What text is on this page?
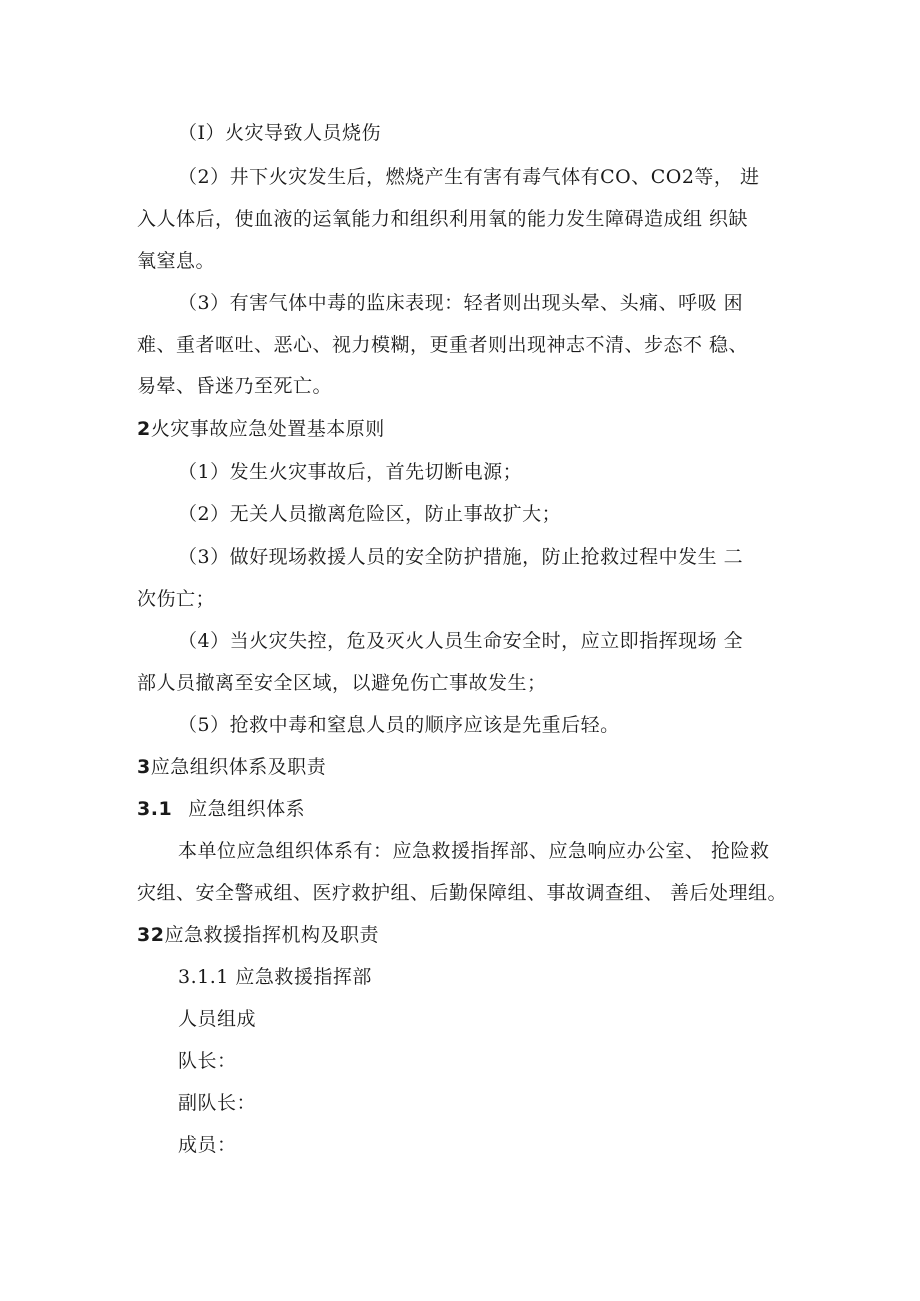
（I）火灾导致人员烧伤
（2）井下火灾发生后，燃烧产生有害有毒气体有CO、CO2等， 进
入人体后，使血液的运氧能力和组织利用氧的能力发生障碍造成组 织缺
氧窒息。
（3）有害气体中毒的监床表现：轻者则出现头晕、头痛、呼吸 困
难、重者呕吐、恶心、视力模糊，更重者则出现神志不清、步态不 稳、
易晕、昏迷乃至死亡。
2火灾事故应急处置基本原则
（1）发生火灾事故后，首先切断电源；
（2）无关人员撤离危险区，防止事故扩大；
（3）做好现场救援人员的安全防护措施，防止抢救过程中发生 二
次伤亡；
（4）当火灾失控，危及灭火人员生命安全时，应立即指挥现场 全
部人员撤离至安全区域，以避免伤亡事故发生；
（5）抢救中毒和窒息人员的顺序应该是先重后轻。
3应急组织体系及职责
3.1 应急组织体系
本单位应急组织体系有：应急救援指挥部、应急响应办公室、 抢险救
灾组、安全警戒组、医疗救护组、后勤保障组、事故调查组、 善后处理组。
32应急救援指挥机构及职责
3.1.1 应急救援指挥部
人员组成
队长：
副队长：
成员：
